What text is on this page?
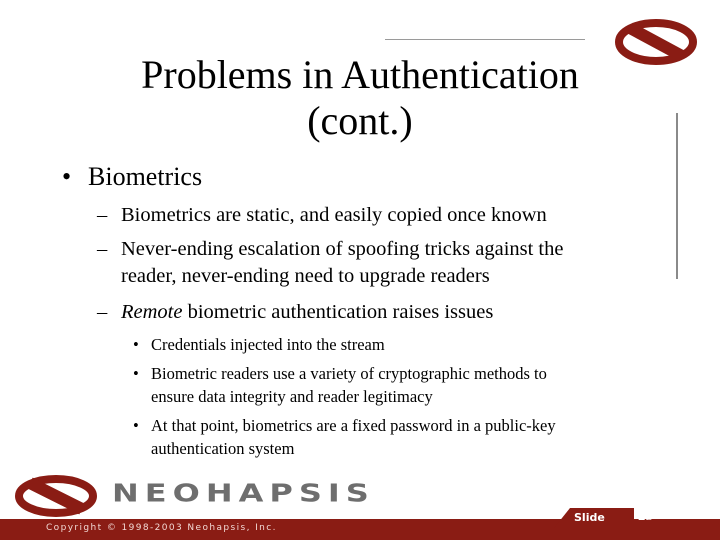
Problems in Authentication
(cont.)
• Biometrics
– Biometrics are static, and easily copied once known
– Never-ending escalation of spoofing tricks against the
reader, never-ending need to upgrade readers
– Remote biometric authentication raises issues
• Credentials injected into the stream
• Biometric readers use a variety of cryptographic methods to
ensure data integrity and reader legitimacy
• At that point, biometrics are a fixed password in a public-key
authentication system
NEOHAPSIS
Copyright © 1998-2003 Neohapsis, Inc.
Slide 23
